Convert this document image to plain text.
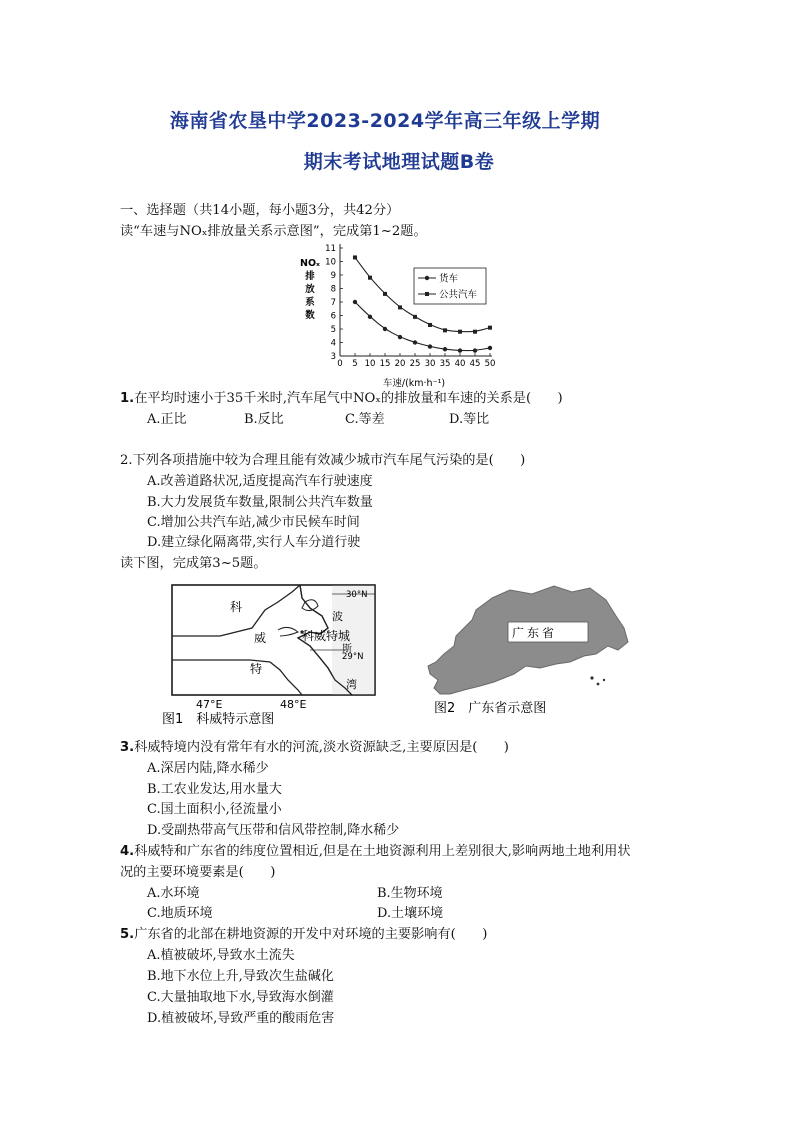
海南省农垦中学2023-2024学年高三年级上学期
期末考试地理试题B卷
一、选择题（共14小题，每小题3分，共42分）
读“车速与NOₓ排放量关系示意图”，完成第1~2题。
NOₓ
排
放
系
数
3
4
5
6
7
8
9
10
11
0 5 10 15 20 25 30 35 40 45 50
货车
公共汽车
车速/(km·h⁻¹)
1.在平均时速小于35千米时,汽车尾气中NOₓ的排放量和车速的关系是(　　)
A.正比	B.反比	C.等差	D.等比
2.下列各项措施中较为合理且能有效减少城市汽车尾气污染的是(　　)
A.改善道路状况,适度提高汽车行驶速度
B.大力发展货车数量,限制公共汽车数量
C.增加公共汽车站,减少市民候车时间
D.建立绿化隔离带,实行人车分道行驶
读下图，完成第3~5题。
科
波
威	科威特城
斯
特
湾
30°N
29°N
47°E	48°E
图1　科威特示意图
广东省
图2　广东省示意图
3.科威特境内没有常年有水的河流,淡水资源缺乏,主要原因是(　　)
A.深居内陆,降水稀少
B.工农业发达,用水量大
C.国土面积小,径流量小
D.受副热带高气压带和信风带控制,降水稀少
4.科威特和广东省的纬度位置相近,但是在土地资源利用上差别很大,影响两地土地利用状
况的主要环境要素是(　　)
A.水环境	B.生物环境
C.地质环境	D.土壤环境
5.广东省的北部在耕地资源的开发中对环境的主要影响有(　　)
A.植被破坏,导致水土流失
B.地下水位上升,导致次生盐碱化
C.大量抽取地下水,导致海水倒灌
D.植被破坏,导致严重的酸雨危害
